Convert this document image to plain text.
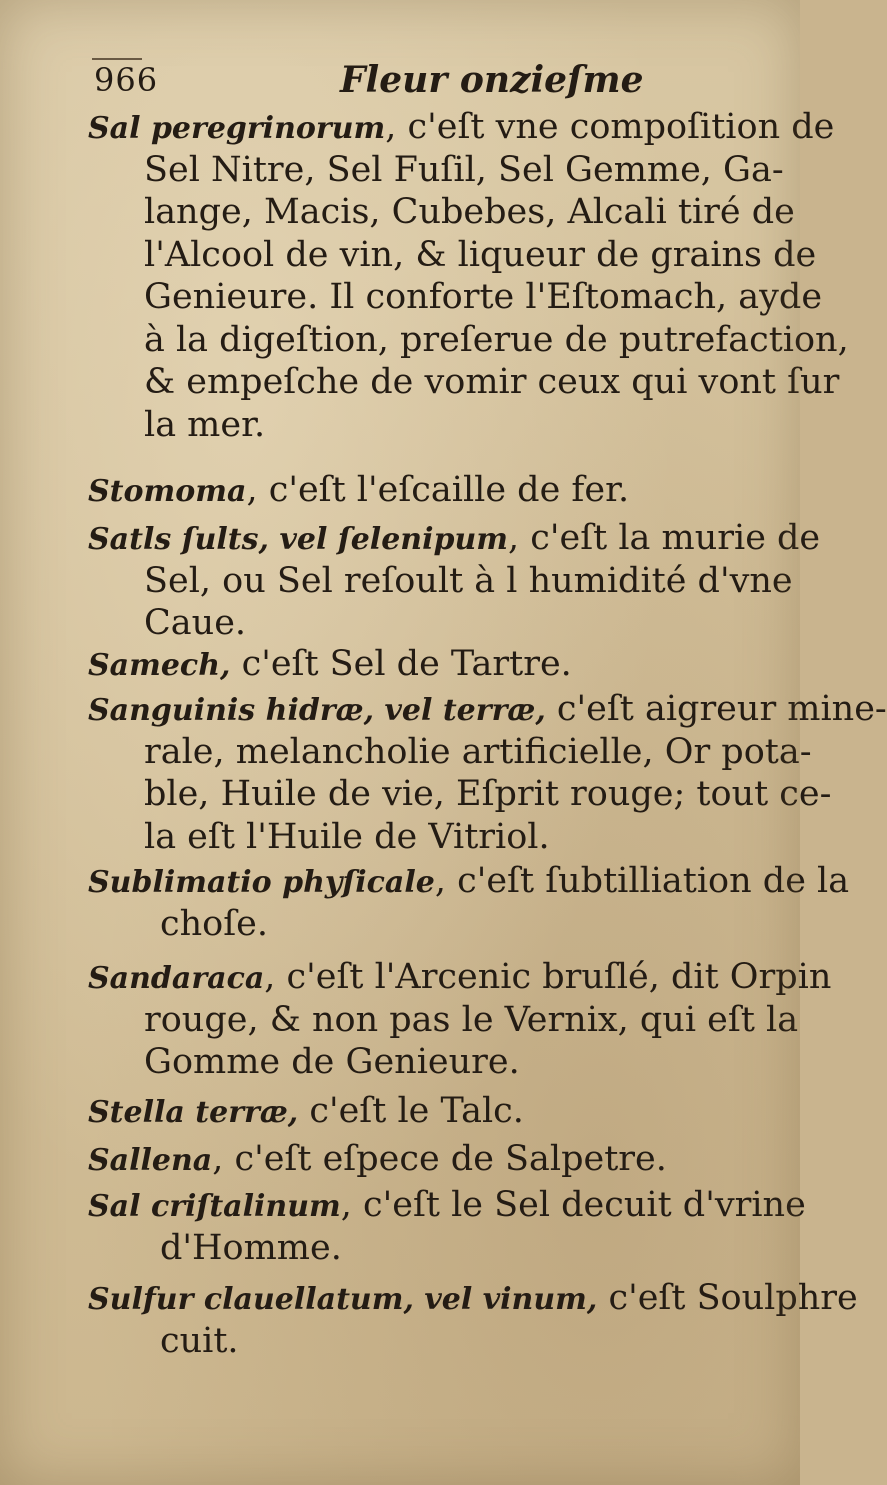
966	Fleur onzieſme
Sal peregrinorum, c'eſt vne compoſition de
Sel Nitre, Sel Fuſil, Sel Gemme, Ga-
lange, Macis, Cubebes, Alcali tiré de
l'Alcool de vin, & liqueur de grains de
Genieure. Il conforte l'Eſtomach, ayde
à la digeſtion, preſerue de putrefaction,
& empeſche de vomir ceux qui vont ſur
la mer.
Stomoma, c'eſt l'eſcaille de fer.
Satls ſults, vel ſelenipum, c'eſt la murie de
Sel, ou Sel reſoult à l humidité d'vne
Caue.
Samech, c'eſt Sel de Tartre.
Sanguinis hidræ, vel terræ, c'eſt aigreur mine-
rale, melancholie artificielle, Or pota-
ble, Huile de vie, Eſprit rouge; tout ce-
la eſt l'Huile de Vitriol.
Sublimatio phyſicale, c'eſt ſubtilliation de la
choſe.
Sandaraca, c'eſt l'Arcenic bruſlé, dit Orpin
rouge, & non pas le Vernix, qui eſt la
Gomme de Genieure.
Stella terræ, c'eſt le Talc.
Sallena, c'eſt eſpece de Salpetre.
Sal criſtalinum, c'eſt le Sel decuit d'vrine
d'Homme.
Sulfur clauellatum, vel vinum, c'eſt Soulphre
cuit.
